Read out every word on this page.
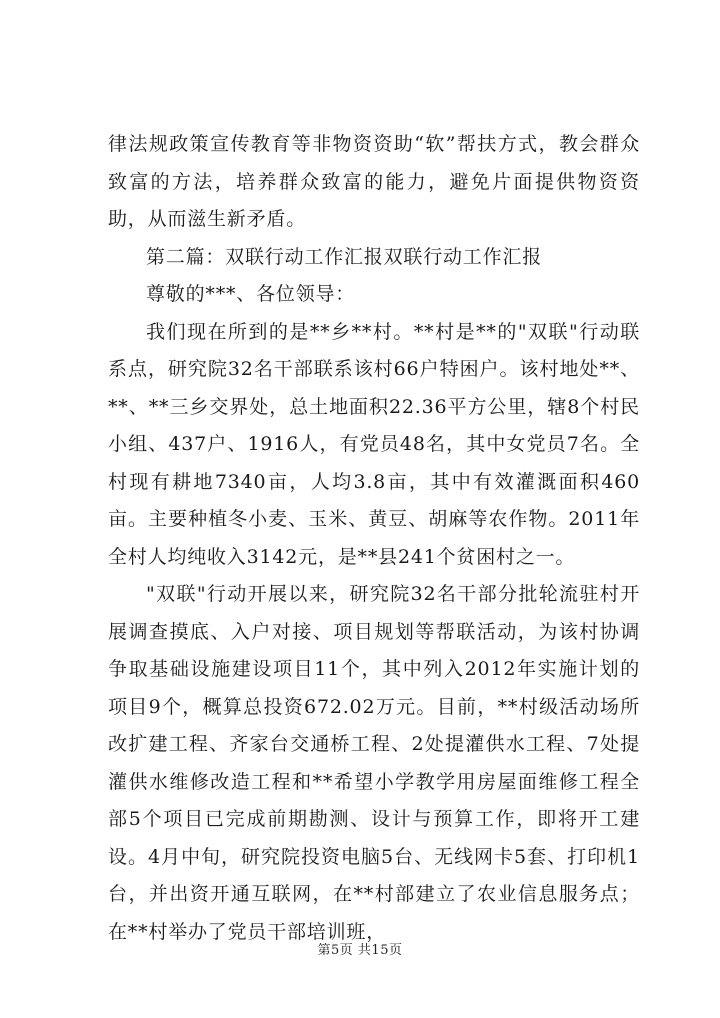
律法规政策宣传教育等非物资资助“软”帮扶方式，教会群众致富的方法，培养群众致富的能力，避免片面提供物资资助，从而滋生新矛盾。

第二篇：双联行动工作汇报双联行动工作汇报

尊敬的***、各位领导：

我们现在所到的是**乡**村。**村是**的"双联"行动联系点，研究院32名干部联系该村66户特困户。该村地处**、**、**三乡交界处，总土地面积22.36平方公里，辖8个村民小组、437户、1916人，有党员48名，其中女党员7名。全村现有耕地7340亩，人均3.8亩，其中有效灌溉面积460亩。主要种植冬小麦、玉米、黄豆、胡麻等农作物。2011年全村人均纯收入3142元，是**县241个贫困村之一。

"双联"行动开展以来，研究院32名干部分批轮流驻村开展调查摸底、入户对接、项目规划等帮联活动，为该村协调争取基础设施建设项目11个，其中列入2012年实施计划的项目9个，概算总投资672.02万元。目前，**村级活动场所改扩建工程、齐家台交通桥工程、2处提灌供水工程、7处提灌供水维修改造工程和**希望小学教学用房屋面维修工程全部5个项目已完成前期勘测、设计与预算工作，即将开工建设。4月中旬，研究院投资电脑5台、无线网卡5套、打印机1台，并出资开通互联网，在**村部建立了农业信息服务点；在**村举办了党员干部培训班，

第5页 共15页
